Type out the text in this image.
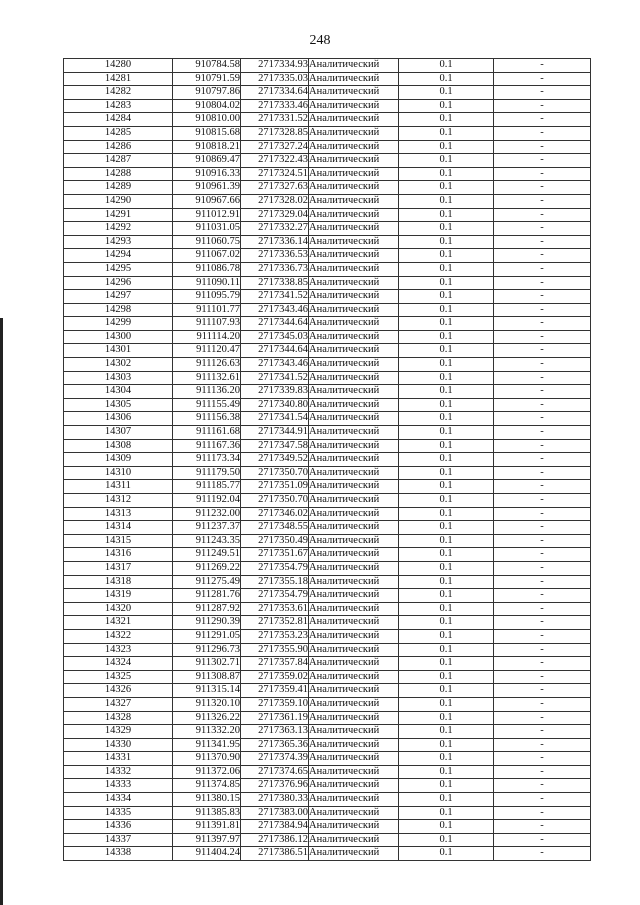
248
14280	910784.58	2717334.93	Аналитический	0.1	-
14281	910791.59	2717335.03	Аналитический	0.1	-
14282	910797.86	2717334.64	Аналитический	0.1	-
14283	910804.02	2717333.46	Аналитический	0.1	-
14284	910810.00	2717331.52	Аналитический	0.1	-
14285	910815.68	2717328.85	Аналитический	0.1	-
14286	910818.21	2717327.24	Аналитический	0.1	-
14287	910869.47	2717322.43	Аналитический	0.1	-
14288	910916.33	2717324.51	Аналитический	0.1	-
14289	910961.39	2717327.63	Аналитический	0.1	-
14290	910967.66	2717328.02	Аналитический	0.1	-
14291	911012.91	2717329.04	Аналитический	0.1	-
14292	911031.05	2717332.27	Аналитический	0.1	-
14293	911060.75	2717336.14	Аналитический	0.1	-
14294	911067.02	2717336.53	Аналитический	0.1	-
14295	911086.78	2717336.73	Аналитический	0.1	-
14296	911090.11	2717338.85	Аналитический	0.1	-
14297	911095.79	2717341.52	Аналитический	0.1	-
14298	911101.77	2717343.46	Аналитический	0.1	-
14299	911107.93	2717344.64	Аналитический	0.1	-
14300	911114.20	2717345.03	Аналитический	0.1	-
14301	911120.47	2717344.64	Аналитический	0.1	-
14302	911126.63	2717343.46	Аналитический	0.1	-
14303	911132.61	2717341.52	Аналитический	0.1	-
14304	911136.20	2717339.83	Аналитический	0.1	-
14305	911155.49	2717340.80	Аналитический	0.1	-
14306	911156.38	2717341.54	Аналитический	0.1	-
14307	911161.68	2717344.91	Аналитический	0.1	-
14308	911167.36	2717347.58	Аналитический	0.1	-
14309	911173.34	2717349.52	Аналитический	0.1	-
14310	911179.50	2717350.70	Аналитический	0.1	-
14311	911185.77	2717351.09	Аналитический	0.1	-
14312	911192.04	2717350.70	Аналитический	0.1	-
14313	911232.00	2717346.02	Аналитический	0.1	-
14314	911237.37	2717348.55	Аналитический	0.1	-
14315	911243.35	2717350.49	Аналитический	0.1	-
14316	911249.51	2717351.67	Аналитический	0.1	-
14317	911269.22	2717354.79	Аналитический	0.1	-
14318	911275.49	2717355.18	Аналитический	0.1	-
14319	911281.76	2717354.79	Аналитический	0.1	-
14320	911287.92	2717353.61	Аналитический	0.1	-
14321	911290.39	2717352.81	Аналитический	0.1	-
14322	911291.05	2717353.23	Аналитический	0.1	-
14323	911296.73	2717355.90	Аналитический	0.1	-
14324	911302.71	2717357.84	Аналитический	0.1	-
14325	911308.87	2717359.02	Аналитический	0.1	-
14326	911315.14	2717359.41	Аналитический	0.1	-
14327	911320.10	2717359.10	Аналитический	0.1	-
14328	911326.22	2717361.19	Аналитический	0.1	-
14329	911332.20	2717363.13	Аналитический	0.1	-
14330	911341.95	2717365.36	Аналитический	0.1	-
14331	911370.90	2717374.39	Аналитический	0.1	-
14332	911372.06	2717374.65	Аналитический	0.1	-
14333	911374.85	2717376.96	Аналитический	0.1	-
14334	911380.15	2717380.33	Аналитический	0.1	-
14335	911385.83	2717383.00	Аналитический	0.1	-
14336	911391.81	2717384.94	Аналитический	0.1	-
14337	911397.97	2717386.12	Аналитический	0.1	-
14338	911404.24	2717386.51	Аналитический	0.1	-
